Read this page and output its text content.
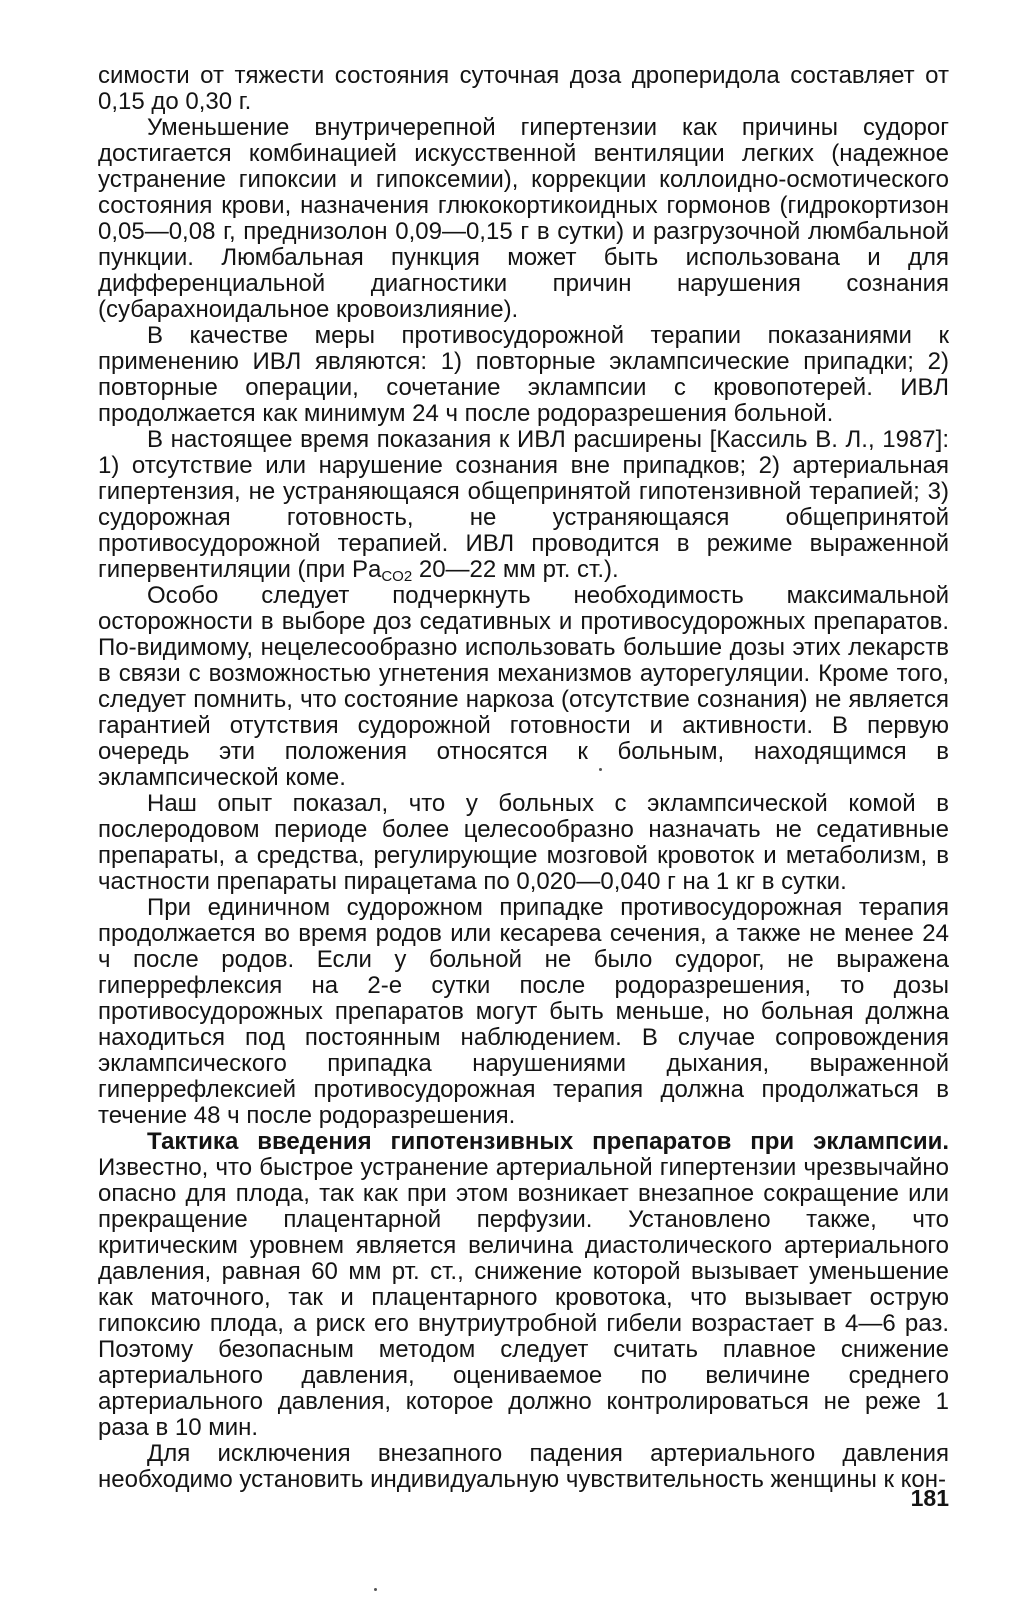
симости от тяжести состояния суточная доза дроперидола составляет от 0,15 до 0,30 г.

Уменьшение внутричерепной гипертензии как причины судорог достигается комбинацией искусственной вентиляции легких (надежное устранение гипоксии и гипоксемии), коррекции коллоидно-осмотического состояния крови, назначения глюкокортикоидных гормонов (гидрокортизон 0,05—0,08 г, преднизолон 0,09—0,15 г в сутки) и разгрузочной люмбальной пункции. Люмбальная пункция может быть использована и для дифференциальной диагностики причин нарушения сознания (субарахноидальное кровоизлияние).

В качестве меры противосудорожной терапии показаниями к применению ИВЛ являются: 1) повторные эклампсические припадки; 2) повторные операции, сочетание эклампсии с кровопотерей. ИВЛ продолжается как минимум 24 ч после родоразрешения больной.

В настоящее время показания к ИВЛ расширены [Кассиль В. Л., 1987]: 1) отсутствие или нарушение сознания вне припадков; 2) артериальная гипертензия, не устраняющаяся общепринятой гипотензивной терапией; 3) судорожная готовность, не устраняющаяся общепринятой противосудорожной терапией. ИВЛ проводится в режиме выраженной гипервентиляции (при $Pa_{CO2}$ 20—22 мм рт. ст.).

Особо следует подчеркнуть необходимость максимальной осторожности в выборе доз седативных и противосудорожных препаратов. По-видимому, нецелесообразно использовать большие дозы этих лекарств в связи с возможностью угнетения механизмов ауторегуляции. Кроме того, следует помнить, что состояние наркоза (отсутствие сознания) не является гарантией отутствия судорожной готовности и активности. В первую очередь эти положения относятся к больным, находящимся в эклампсической коме.

Наш опыт показал, что у больных с эклампсической комой в послеродовом периоде более целесообразно назначать не седативные препараты, а средства, регулирующие мозговой кровоток и метаболизм, в частности препараты пирацетама по 0,020—0,040 г на 1 кг в сутки.

При единичном судорожном припадке противосудорожная терапия продолжается во время родов или кесарева сечения, а также не менее 24 ч после родов. Если у больной не было судорог, не выражена гиперрефлексия на 2-е сутки после родоразрешения, то дозы противосудорожных препаратов могут быть меньше, но больная должна находиться под постоянным наблюдением. В случае сопровождения эклампсического припадка нарушениями дыхания, выраженной гиперрефлексией противосудорожная терапия должна продолжаться в течение 48 ч после родоразрешения.

Тактика введения гипотензивных препаратов при эклампсии. Известно, что быстрое устранение артериальной гипертензии чрезвычайно опасно для плода, так как при этом возникает внезапное сокращение или прекращение плацентарной перфузии. Установлено также, что критическим уровнем является величина диастолического артериального давления, равная 60 мм рт. ст., снижение которой вызывает уменьшение как маточного, так и плацентарного кровотока, что вызывает острую гипоксию плода, а риск его внутриутробной гибели возрастает в 4—6 раз. Поэтому безопасным методом следует считать плавное снижение артериального давления, оцениваемое по величине среднего артериального давления, которое должно контролироваться не реже 1 раза в 10 мин.

Для исключения внезапного падения артериального давления необходимо установить индивидуальную чувствительность женщины к кон-

181
